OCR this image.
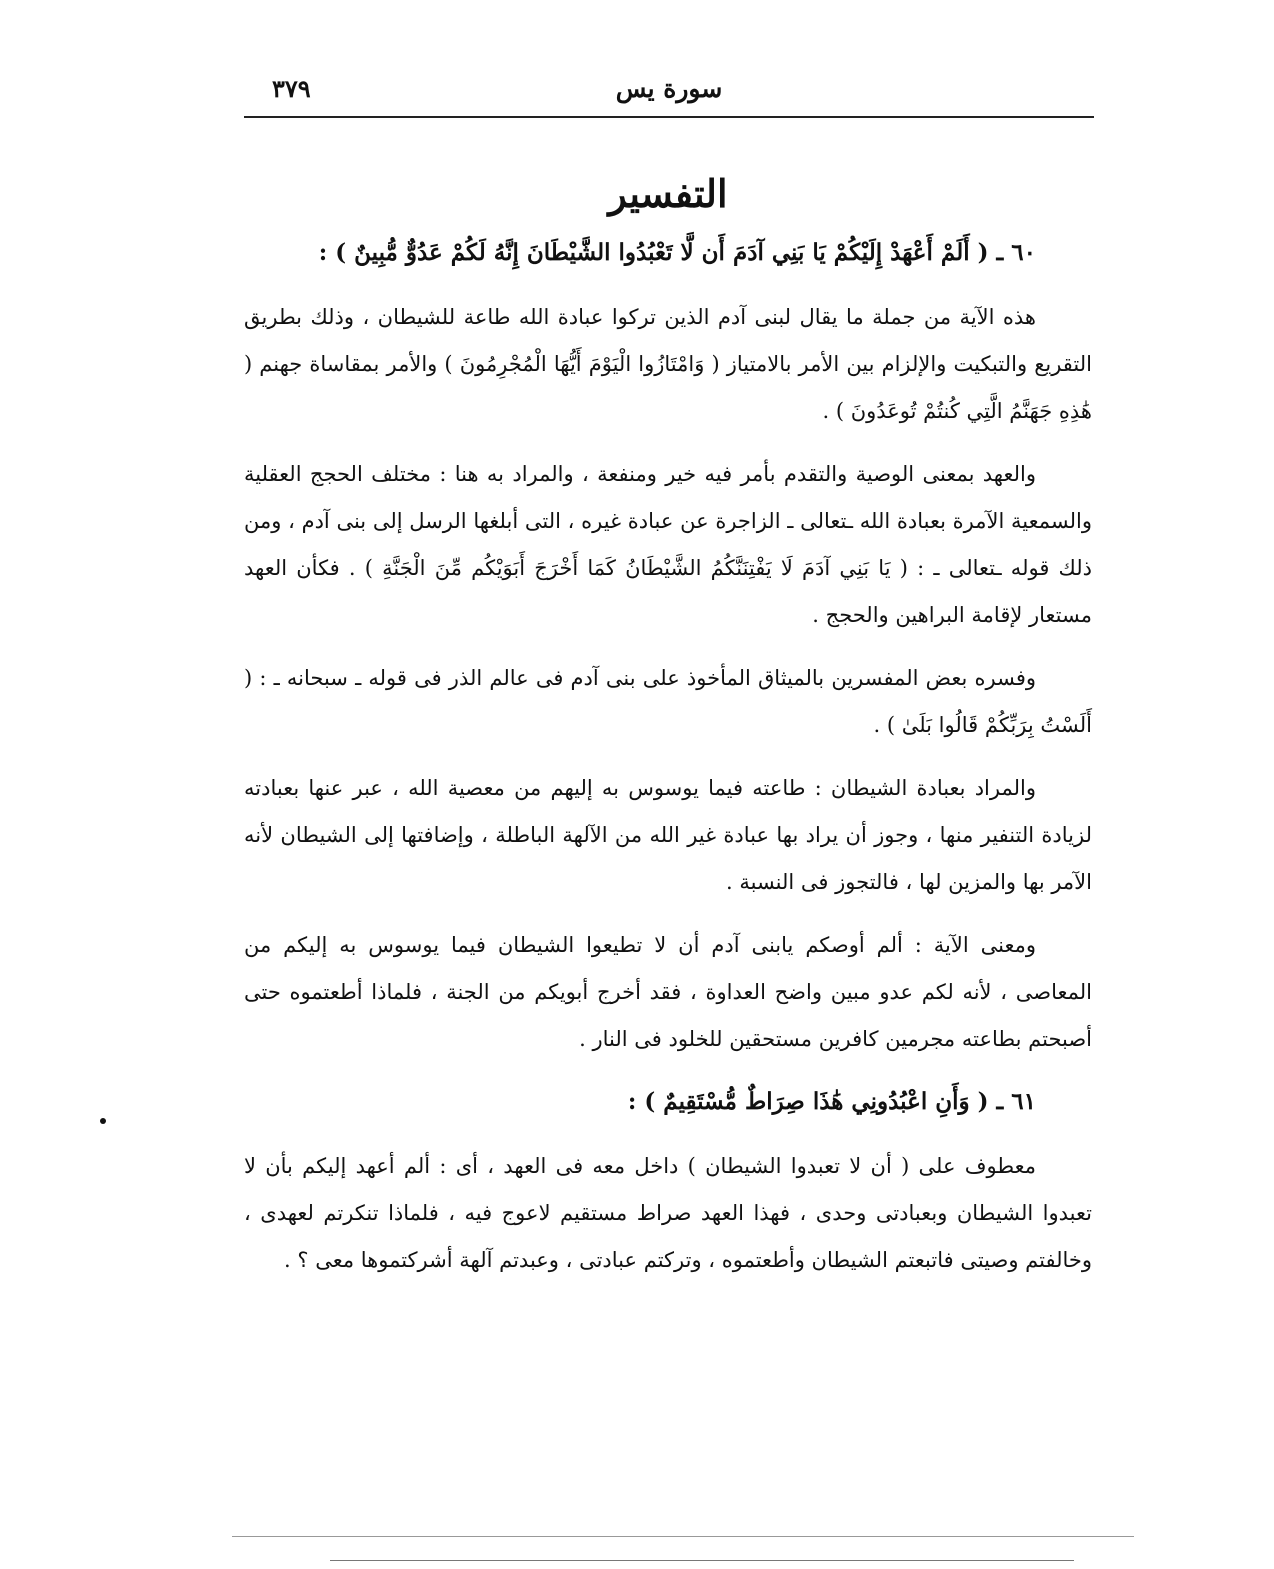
سورة يس
٣٧٩
التفسير
٦٠ ـ ( أَلَمْ أَعْهَدْ إِلَيْكُمْ يَا بَنِي آدَمَ أَن لَّا تَعْبُدُوا الشَّيْطَانَ إِنَّهُ لَكُمْ عَدُوٌّ مُّبِينٌ ) :

هذه الآية من جملة ما يقال لبنى آدم الذين تركوا عبادة الله طاعة للشيطان ، وذلك بطريق التقريع والتبكيت والإلزام بين الأمر بالامتياز ( وَامْتَازُوا الْيَوْمَ أَيُّهَا الْمُجْرِمُونَ ) والأمر بمقاساة جهنم ( هَٰذِهِ جَهَنَّمُ الَّتِي كُنتُمْ تُوعَدُونَ ) .

والعهد بمعنى الوصية والتقدم بأمر فيه خير ومنفعة ، والمراد به هنا : مختلف الحجج العقلية والسمعية الآمرة بعبادة الله ـتعالى ـ الزاجرة عن عبادة غيره ، التى أبلغها الرسل إلى بنى آدم ، ومن ذلك قوله ـتعالى ـ : ( يَا بَنِي آدَمَ لَا يَفْتِنَنَّكُمُ الشَّيْطَانُ كَمَا أَخْرَجَ أَبَوَيْكُم مِّنَ الْجَنَّةِ ) . فكأن العهد مستعار لإقامة البراهين والحجج .

وفسره بعض المفسرين بالميثاق المأخوذ على بنى آدم فى عالم الذر فى قوله ـ سبحانه ـ : ( أَلَسْتُ بِرَبِّكُمْ قَالُوا بَلَىٰ ) .

والمراد بعبادة الشيطان : طاعته فيما يوسوس به إليهم من معصية الله ، عبر عنها بعبادته لزيادة التنفير منها ، وجوز أن يراد بها عبادة غير الله من الآلهة الباطلة ، وإضافتها إلى الشيطان لأنه الآمر بها والمزين لها ، فالتجوز فى النسبة .

ومعنى الآية : ألم أوصكم يابنى آدم أن لا تطيعوا الشيطان فيما يوسوس به إليكم من المعاصى ، لأنه لكم عدو مبين واضح العداوة ، فقد أخرج أبويكم من الجنة ، فلماذا أطعتموه حتى أصبحتم بطاعته مجرمين كافرين مستحقين للخلود فى النار .

٦١ ـ ( وَأَنِ اعْبُدُونِي هَٰذَا صِرَاطٌ مُّسْتَقِيمٌ ) :

معطوف على ( أن لا تعبدوا الشيطان ) داخل معه فى العهد ، أى : ألم أعهد إليكم بأن لا تعبدوا الشيطان وبعبادتى وحدى ، فهذا العهد صراط مستقيم لاعوج فيه ، فلماذا تنكرتم لعهدى ، وخالفتم وصيتى فاتبعتم الشيطان وأطعتموه ، وتركتم عبادتى ، وعبدتم آلهة أشركتموها معى ؟ .
